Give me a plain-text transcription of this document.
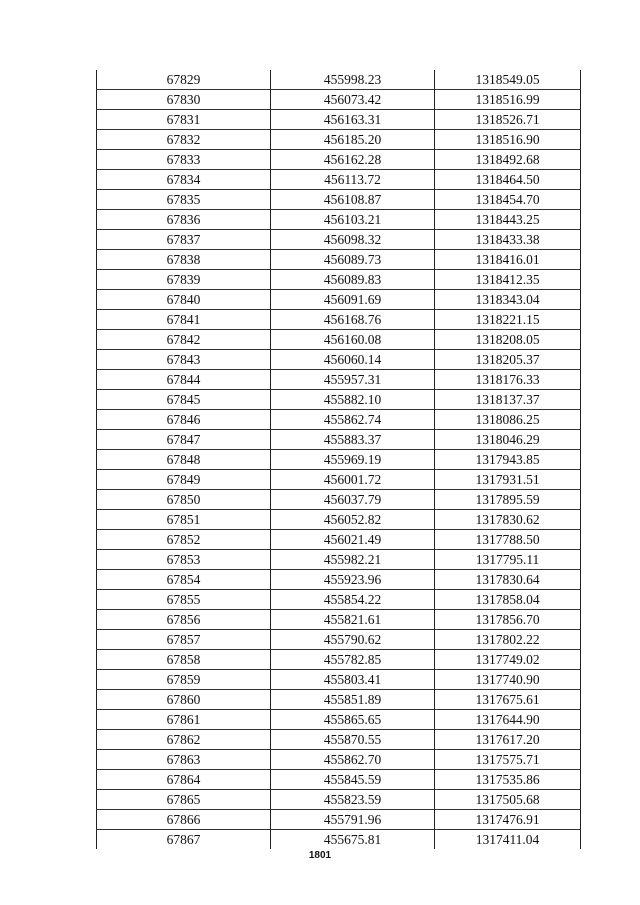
67829	455998.23	1318549.05
67830	456073.42	1318516.99
67831	456163.31	1318526.71
67832	456185.20	1318516.90
67833	456162.28	1318492.68
67834	456113.72	1318464.50
67835	456108.87	1318454.70
67836	456103.21	1318443.25
67837	456098.32	1318433.38
67838	456089.73	1318416.01
67839	456089.83	1318412.35
67840	456091.69	1318343.04
67841	456168.76	1318221.15
67842	456160.08	1318208.05
67843	456060.14	1318205.37
67844	455957.31	1318176.33
67845	455882.10	1318137.37
67846	455862.74	1318086.25
67847	455883.37	1318046.29
67848	455969.19	1317943.85
67849	456001.72	1317931.51
67850	456037.79	1317895.59
67851	456052.82	1317830.62
67852	456021.49	1317788.50
67853	455982.21	1317795.11
67854	455923.96	1317830.64
67855	455854.22	1317858.04
67856	455821.61	1317856.70
67857	455790.62	1317802.22
67858	455782.85	1317749.02
67859	455803.41	1317740.90
67860	455851.89	1317675.61
67861	455865.65	1317644.90
67862	455870.55	1317617.20
67863	455862.70	1317575.71
67864	455845.59	1317535.86
67865	455823.59	1317505.68
67866	455791.96	1317476.91
67867	455675.81	1317411.04
1801
